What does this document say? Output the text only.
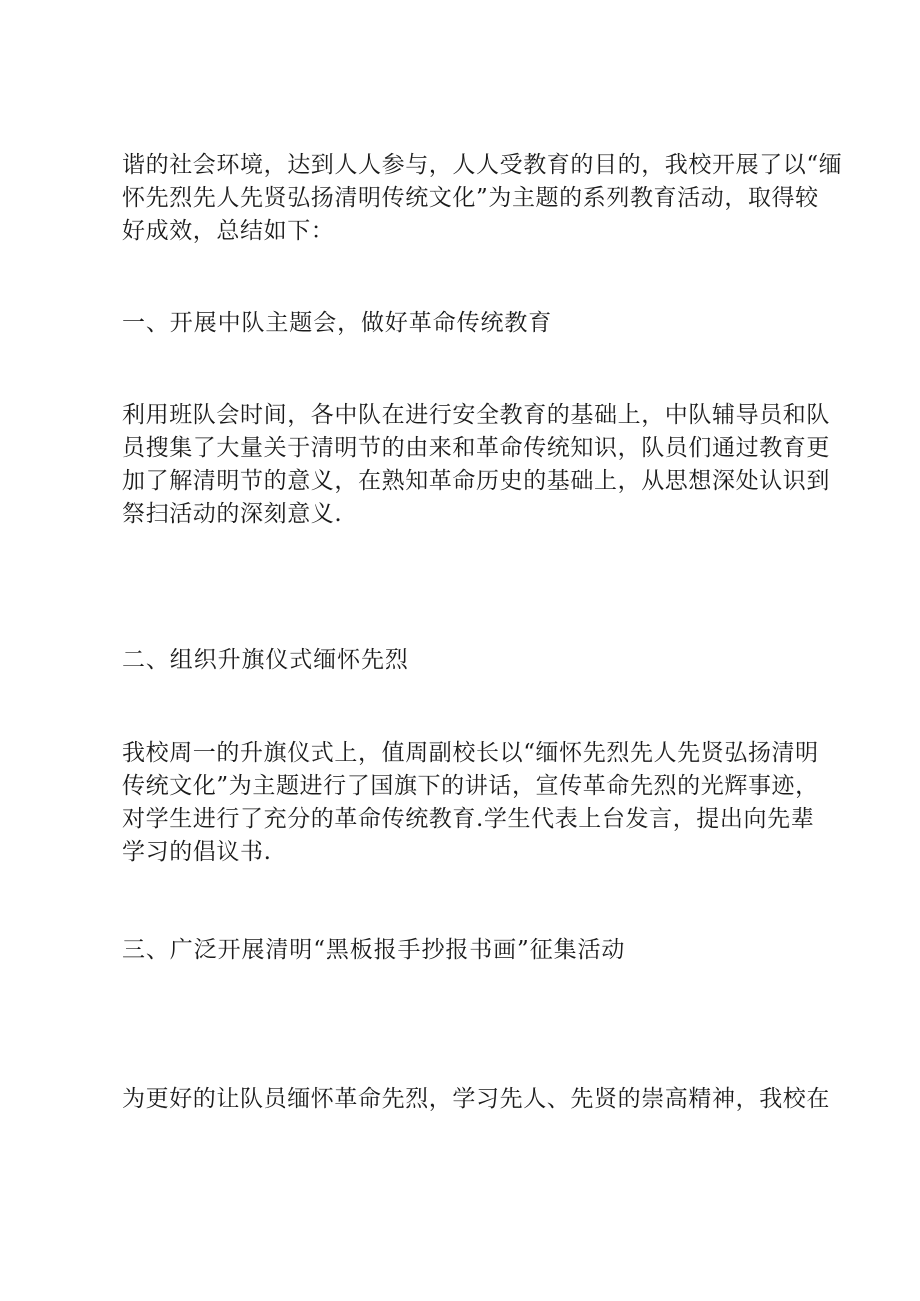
谐的社会环境，达到人人参与，人人受教育的目的，我校开展了以“缅
怀先烈先人先贤弘扬清明传统文化”为主题的系列教育活动，取得较
好成效，总结如下：
一、开展中队主题会，做好革命传统教育
利用班队会时间，各中队在进行安全教育的基础上，中队辅导员和队
员搜集了大量关于清明节的由来和革命传统知识，队员们通过教育更
加了解清明节的意义，在熟知革命历史的基础上，从思想深处认识到
祭扫活动的深刻意义.
二、组织升旗仪式缅怀先烈
我校周一的升旗仪式上，值周副校长以“缅怀先烈先人先贤弘扬清明
传统文化”为主题进行了国旗下的讲话，宣传革命先烈的光辉事迹，
对学生进行了充分的革命传统教育.学生代表上台发言，提出向先辈
学习的倡议书.
三、广泛开展清明“黑板报手抄报书画”征集活动
为更好的让队员缅怀革命先烈，学习先人、先贤的崇高精神，我校在
